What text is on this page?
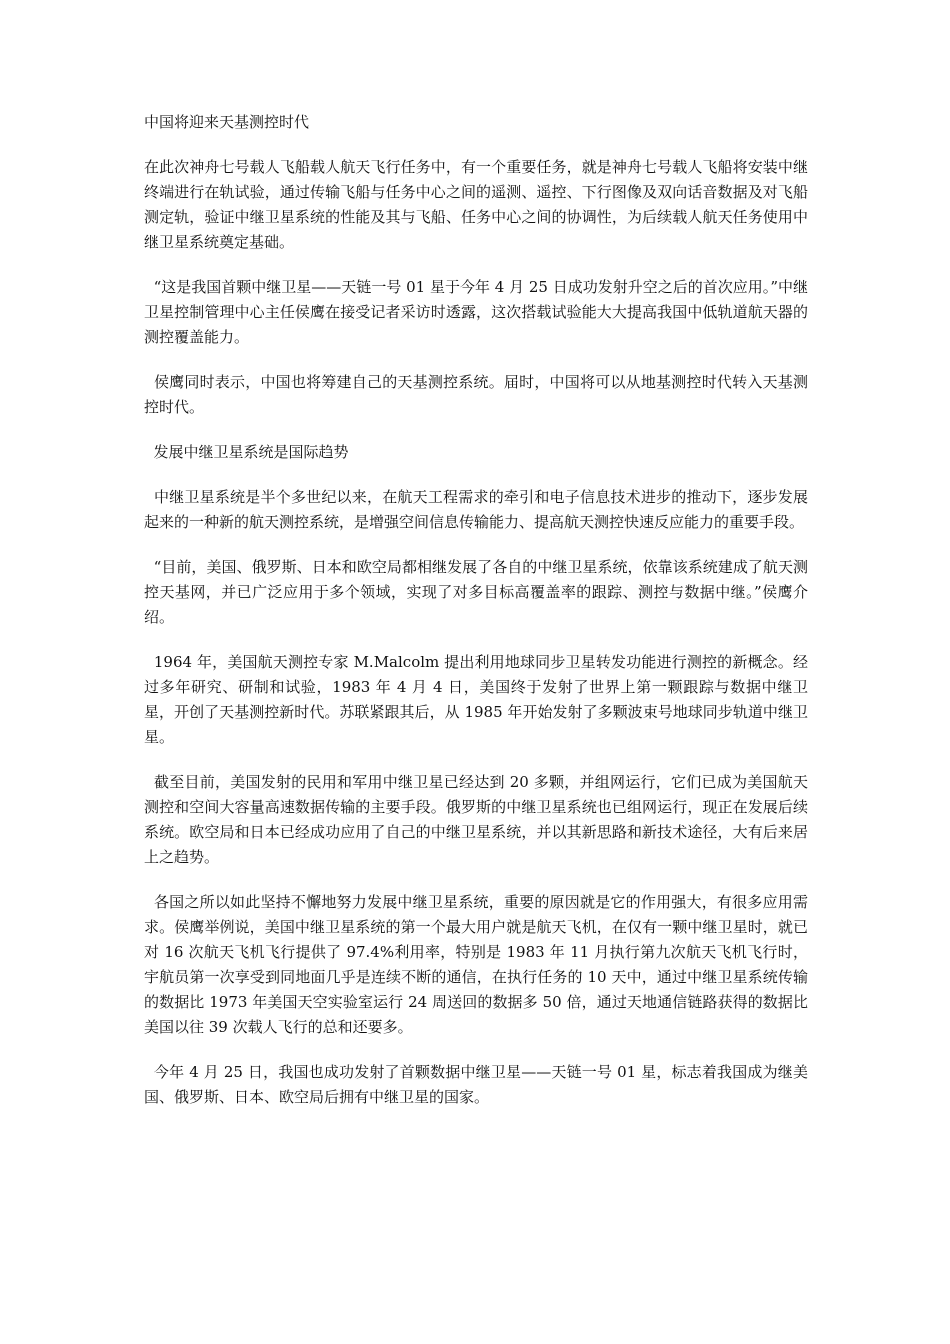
中国将迎来天基测控时代

在此次神舟七号载人飞船载人航天飞行任务中，有一个重要任务，就是神舟七号载人飞船将安装中继终端进行在轨试验，通过传输飞船与任务中心之间的遥测、遥控、下行图像及双向话音数据及对飞船测定轨，验证中继卫星系统的性能及其与飞船、任务中心之间的协调性，为后续载人航天任务使用中继卫星系统奠定基础。

“这是我国首颗中继卫星——天链一号 01 星于今年 4 月 25 日成功发射升空之后的首次应用。”中继卫星控制管理中心主任侯鹰在接受记者采访时透露，这次搭载试验能大大提高我国中低轨道航天器的测控覆盖能力。

侯鹰同时表示，中国也将筹建自己的天基测控系统。届时，中国将可以从地基测控时代转入天基测控时代。

发展中继卫星系统是国际趋势

中继卫星系统是半个多世纪以来，在航天工程需求的牵引和电子信息技术进步的推动下，逐步发展起来的一种新的航天测控系统，是增强空间信息传输能力、提高航天测控快速反应能力的重要手段。

“目前，美国、俄罗斯、日本和欧空局都相继发展了各自的中继卫星系统，依靠该系统建成了航天测控天基网，并已广泛应用于多个领域，实现了对多目标高覆盖率的跟踪、测控与数据中继。”侯鹰介绍。

1964 年，美国航天测控专家 M.Malcolm 提出利用地球同步卫星转发功能进行测控的新概念。经过多年研究、研制和试验，1983 年 4 月 4 日，美国终于发射了世界上第一颗跟踪与数据中继卫星，开创了天基测控新时代。苏联紧跟其后，从 1985 年开始发射了多颗波束号地球同步轨道中继卫星。

截至目前，美国发射的民用和军用中继卫星已经达到 20 多颗，并组网运行，它们已成为美国航天测控和空间大容量高速数据传输的主要手段。俄罗斯的中继卫星系统也已组网运行，现正在发展后续系统。欧空局和日本已经成功应用了自己的中继卫星系统，并以其新思路和新技术途径，大有后来居上之趋势。

各国之所以如此坚持不懈地努力发展中继卫星系统，重要的原因就是它的作用强大，有很多应用需求。侯鹰举例说，美国中继卫星系统的第一个最大用户就是航天飞机，在仅有一颗中继卫星时，就已对 16 次航天飞机飞行提供了 97.4%利用率，特别是 1983 年 11 月执行第九次航天飞机飞行时，宇航员第一次享受到同地面几乎是连续不断的通信，在执行任务的 10 天中，通过中继卫星系统传输的数据比 1973 年美国天空实验室运行 24 周送回的数据多 50 倍，通过天地通信链路获得的数据比美国以往 39 次载人飞行的总和还要多。

今年 4 月 25 日，我国也成功发射了首颗数据中继卫星——天链一号 01 星，标志着我国成为继美国、俄罗斯、日本、欧空局后拥有中继卫星的国家。
